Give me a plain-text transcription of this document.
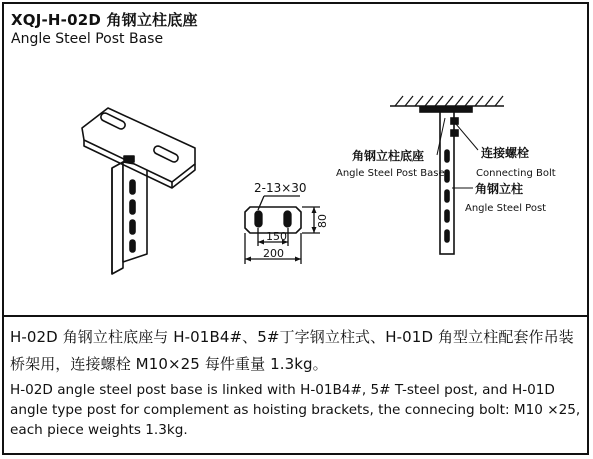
XQJ-H-02D 角钢立柱底座
Angle Steel Post Base
2-13×30
150
200
80
角钢立柱底座
Angle Steel Post Base
连接螺栓
Connecting Bolt
角钢立柱
Angle Steel Post
H-02D 角钢立柱底座与 H-01B4#、5#丁字钢立柱式、H-01D 角型立柱配套作吊装桥架用，连接螺栓 M10×25 每件重量 1.3kg。
H-02D angle steel post base is linked with H-01B4#, 5# T-steel post, and H-01D angle type post for complement as hoisting brackets, the connecing bolt: M10 ×25, each piece weights 1.3kg.
